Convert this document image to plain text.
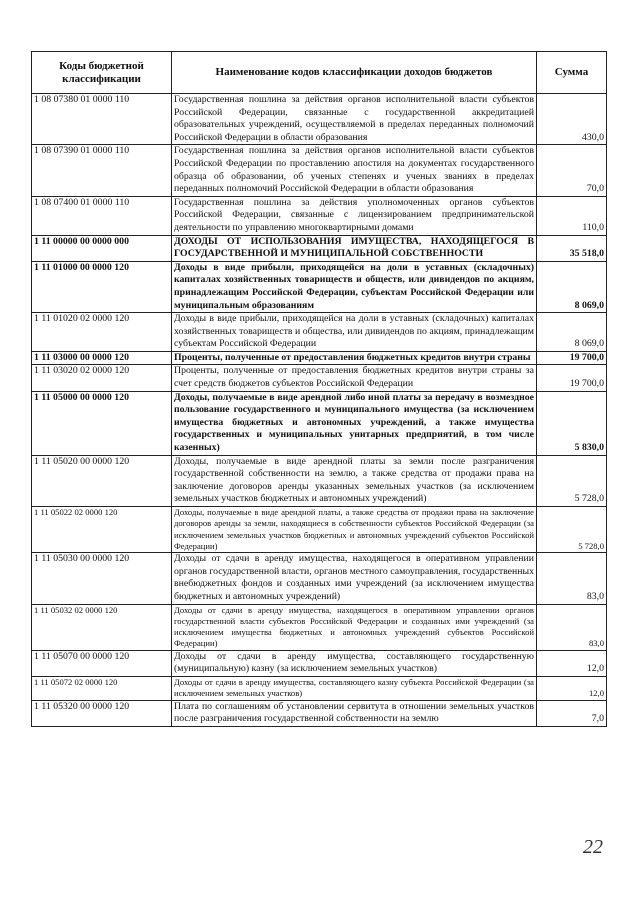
Коды бюджетной классификации	Наименование кодов классификации доходов бюджетов	Сумма
1 08 07380 01 0000 110	Государственная пошлина за действия органов исполнительной власти субъектов Российской Федерации, связанные с государственной аккредитацией образовательных учреждений, осуществляемой в пределах переданных полномочий Российской Федерации в области образования	430,0
1 08 07390 01 0000 110	Государственная пошлина за действия органов исполнительной власти субъектов Российской Федерации по проставлению апостиля на документах государственного образца об образовании, об ученых степенях и ученых званиях в пределах переданных полномочий Российской Федерации в области образования	70,0
1 08 07400 01 0000 110	Государственная пошлина за действия уполномоченных органов субъектов Российской Федерации, связанные с лицензированием предпринимательской деятельности по управлению многоквартирными домами	110,0
1 11 00000 00 0000 000	ДОХОДЫ ОТ ИСПОЛЬЗОВАНИЯ ИМУЩЕСТВА, НАХОДЯЩЕГОСЯ В ГОСУДАРСТВЕННОЙ И МУНИЦИПАЛЬНОЙ СОБСТВЕННОСТИ	35 518,0
1 11 01000 00 0000 120	Доходы в виде прибыли, приходящейся на доли в уставных (складочных) капиталах хозяйственных товариществ и обществ, или дивидендов по акциям, принадлежащим Российской Федерации, субъектам Российской Федерации или муниципальным образованиям	8 069,0
1 11 01020 02 0000 120	Доходы в виде прибыли, приходящейся на доли в уставных (складочных) капиталах хозяйственных товариществ и общества, или дивидендов по акциям, принадлежащим субъектам Российской Федерации	8 069,0
1 11 03000 00 0000 120	Проценты, полученные от предоставления бюджетных кредитов внутри страны	19 700,0
1 11 03020 02 0000 120	Проценты, полученные от предоставления бюджетных кредитов внутри страны за счет средств бюджетов субъектов Российской Федерации	19 700,0
1 11 05000 00 0000 120	Доходы, получаемые в виде арендной либо иной платы за передачу в возмездное пользование государственного и муниципального имущества (за исключением имущества бюджетных и автономных учреждений, а также имущества государственных и муниципальных унитарных предприятий, в том числе казенных)	5 830,0
1 11 05020 00 0000 120	Доходы, получаемые в виде арендной платы за земли после разграничения государственной собственности на землю, а также средства от продажи права на заключение договоров аренды указанных земельных участков (за исключением земельных участков бюджетных и автономных учреждений)	5 728,0
1 11 05022 02 0000 120	Доходы, получаемые в виде арендной платы, а также средства от продажи права на заключение договоров аренды за земли, находящиеся в собственности субъектов Российской Федерации (за исключением земельных участков бюджетных и автономных учреждений субъектов Российской Федерации)	5 728,0
1 11 05030 00 0000 120	Доходы от сдачи в аренду имущества, находящегося в оперативном управлении органов государственной власти, органов местного самоуправления, государственных внебюджетных фондов и созданных ими учреждений (за исключением имущества бюджетных и автономных учреждений)	83,0
1 11 05032 02 0000 120	Доходы от сдачи в аренду имущества, находящегося в оперативном управлении органов государственной власти субъектов Российской Федерации и созданных ими учреждений (за исключением имущества бюджетных и автономных учреждений субъектов Российской Федерации)	83,0
1 11 05070 00 0000 120	Доходы от сдачи в аренду имущества, составляющего государственную (муниципальную) казну (за исключением земельных участков)	12,0
1 11 05072 02 0000 120	Доходы от сдачи в аренду имущества, составляющего казну субъекта Российской Федерации (за исключением земельных участков)	12,0
1 11 05320 00 0000 120	Плата по соглашениям об установлении сервитута в отношении земельных участков после разграничения государственной собственности на землю	7,0
22
